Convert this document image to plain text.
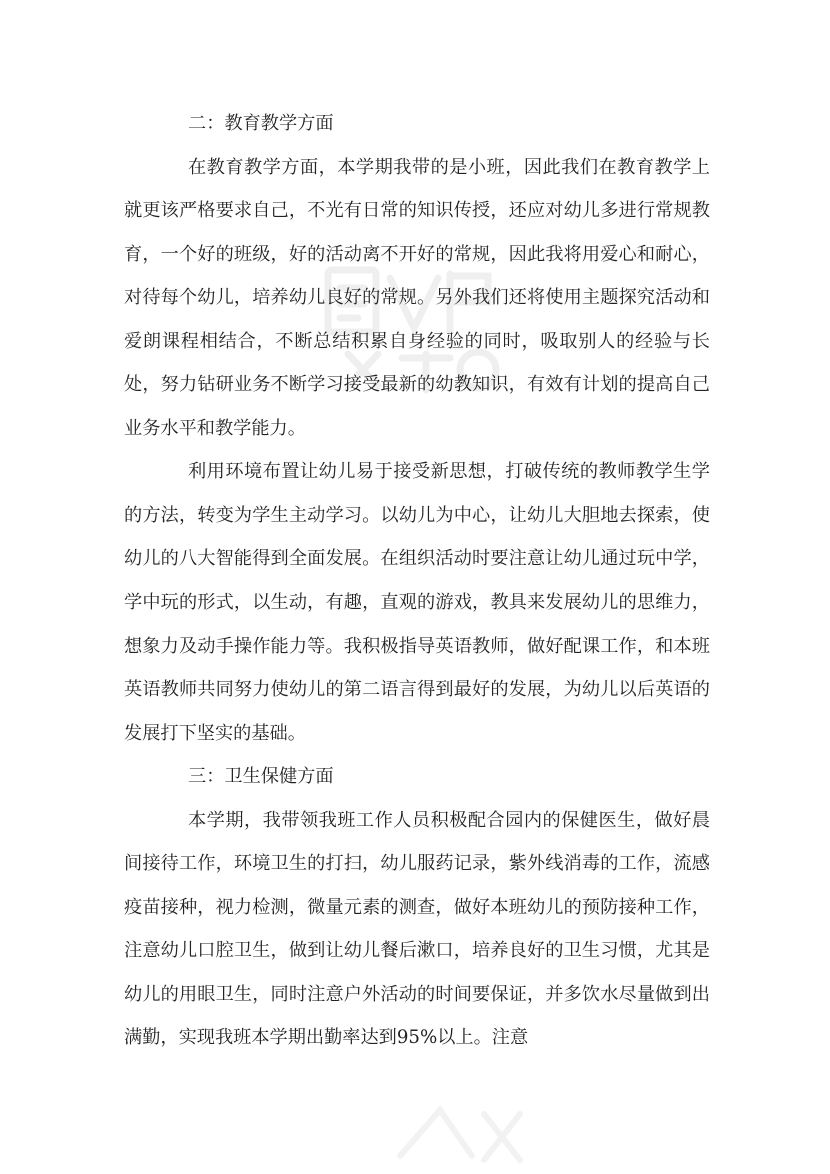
二：教育教学方面

在教育教学方面，本学期我带的是小班，因此我们在教育教学上就更该严格要求自己，不光有日常的知识传授，还应对幼儿多进行常规教育，一个好的班级，好的活动离不开好的常规，因此我将用爱心和耐心，对待每个幼儿，培养幼儿良好的常规。另外我们还将使用主题探究活动和爱朗课程相结合，不断总结积累自身经验的同时，吸取别人的经验与长处，努力钻研业务不断学习接受最新的幼教知识，有效有计划的提高自己业务水平和教学能力。

利用环境布置让幼儿易于接受新思想，打破传统的教师教学生学的方法，转变为学生主动学习。以幼儿为中心，让幼儿大胆地去探索，使幼儿的八大智能得到全面发展。在组织活动时要注意让幼儿通过玩中学，学中玩的形式，以生动，有趣，直观的游戏，教具来发展幼儿的思维力，想象力及动手操作能力等。我积极指导英语教师，做好配课工作，和本班英语教师共同努力使幼儿的第二语言得到最好的发展，为幼儿以后英语的发展打下坚实的基础。

三：卫生保健方面

本学期，我带领我班工作人员积极配合园内的保健医生，做好晨间接待工作，环境卫生的打扫，幼儿服药记录，紫外线消毒的工作，流感疫苗接种，视力检测，微量元素的测查，做好本班幼儿的预防接种工作，注意幼儿口腔卫生，做到让幼儿餐后漱口，培养良好的卫生习惯，尤其是幼儿的用眼卫生，同时注意户外活动的时间要保证，并多饮水尽量做到出满勤，实现我班本学期出勤率达到95%以上。注意
